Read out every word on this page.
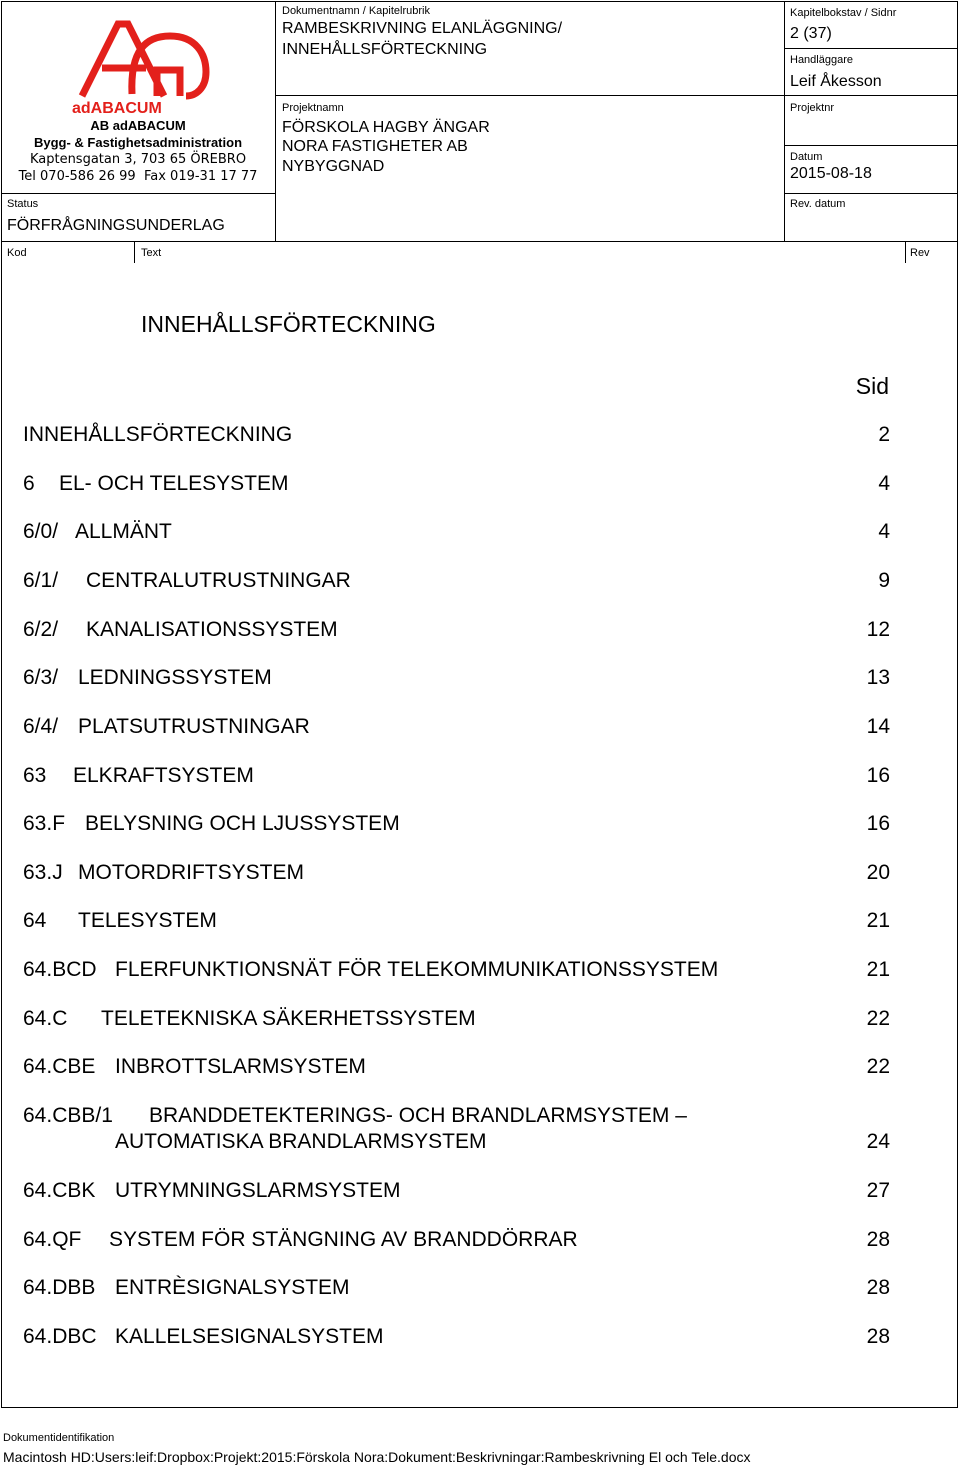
adABACUM
AB adABACUM
Bygg- & Fastighetsadministration
Kaptensgatan 3, 703 65 ÖREBRO
Tel 070-586 26 99  Fax 019-31 17 77
Status
FÖRFRÅGNINGSUNDERLAG
Dokumentnamn / Kapitelrubrik
RAMBESKRIVNING ELANLÄGGNING/
INNEHÅLLSFÖRTECKNING
Projektnamn
FÖRSKOLA HAGBY ÄNGAR
NORA FASTIGHETER AB
NYBYGGNAD
Kapitelbokstav / Sidnr
2 (37)
Handläggare
Leif Åkesson
Projektnr
Datum
2015-08-18
Rev. datum
Kod	Text	Rev
INNEHÅLLSFÖRTECKNING
Sid
INNEHÅLLSFÖRTECKNING	2
6 EL- OCH TELESYSTEM	4
6/0/ ALLMÄNT	4
6/1/ CENTRALUTRUSTNINGAR	9
6/2/ KANALISATIONSSYSTEM	12
6/3/ LEDNINGSSYSTEM	13
6/4/ PLATSUTRUSTNINGAR	14
63 ELKRAFTSYSTEM	16
63.F BELYSNING OCH LJUSSYSTEM	16
63.J MOTORDRIFTSYSTEM	20
64 TELESYSTEM	21
64.BCD FLERFUNKTIONSNÄT FÖR TELEKOMMUNIKATIONSSYSTEM	21
64.C TELETEKNISKA SÄKERHETSSYSTEM	22
64.CBE INBROTTSLARMSYSTEM	22
64.CBB/1 BRANDDETEKTERINGS- OCH BRANDLARMSYSTEM –
AUTOMATISKA BRANDLARMSYSTEM	24
64.CBK UTRYMNINGSLARMSYSTEM	27
64.QF SYSTEM FÖR STÄNGNING AV BRANDDÖRRAR	28
64.DBB ENTRÈSIGNALSYSTEM	28
64.DBC KALLELSESIGNALSYSTEM	28
Dokumentidentifikation
Macintosh HD:Users:leif:Dropbox:Projekt:2015:Förskola Nora:Dokument:Beskrivningar:Rambeskrivning El och Tele.docx
